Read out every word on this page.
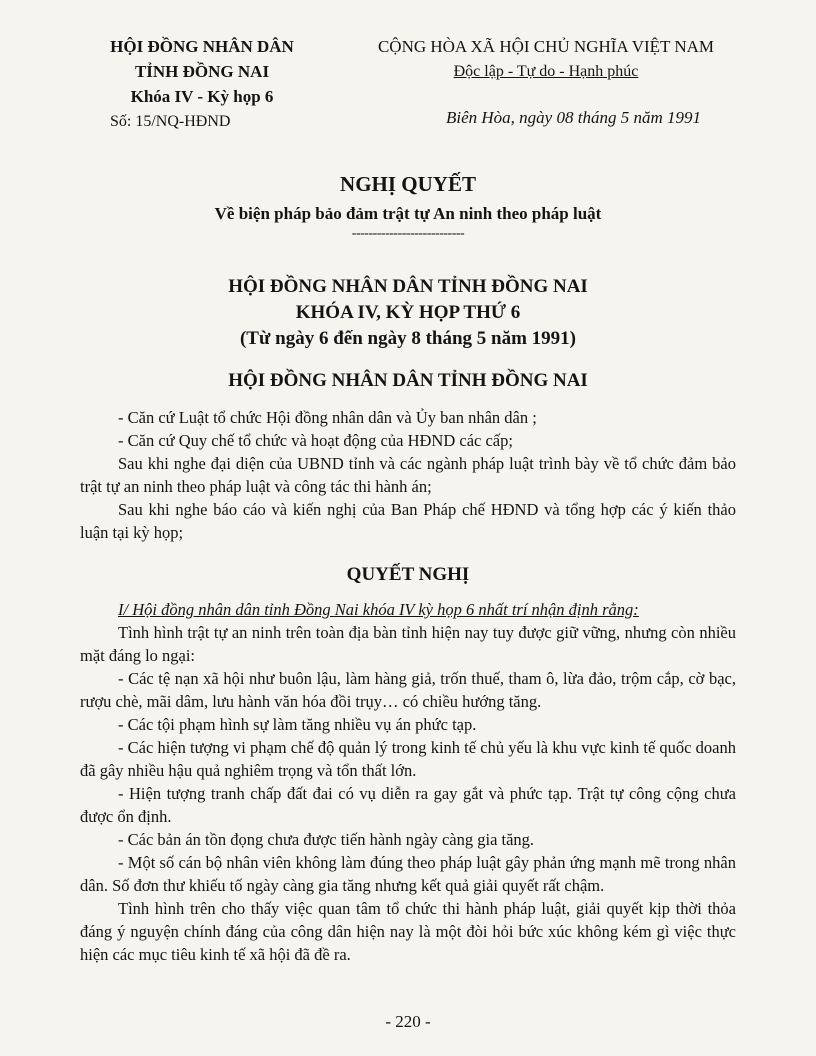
HỘI ĐỒNG NHÂN DÂN
TỈNH ĐỒNG NAI
Khóa IV - Kỳ họp 6
Số: 15/NQ-HĐND
CỘNG HÒA XÃ HỘI CHỦ NGHĨA VIỆT NAM
Độc lập - Tự do - Hạnh phúc
Biên Hòa, ngày 08 tháng 5 năm 1991
NGHỊ QUYẾT
Về biện pháp bảo đảm trật tự An ninh theo pháp luật
---------------------------
HỘI ĐỒNG NHÂN DÂN TỈNH ĐỒNG NAI
KHÓA IV, KỲ HỌP THỨ 6
(Từ ngày 6 đến ngày 8 tháng 5 năm 1991)
HỘI ĐỒNG NHÂN DÂN TỈNH ĐỒNG NAI

- Căn cứ Luật tổ chức Hội đồng nhân dân và Ủy ban nhân dân ;

- Căn cứ Quy chế tổ chức và hoạt động của HĐND các cấp;

Sau khi nghe đại diện của UBND tỉnh và các ngành pháp luật trình bày về tổ chức đảm bảo trật tự an ninh theo pháp luật và công tác thi hành án;

Sau khi nghe báo cáo và kiến nghị của Ban Pháp chế HĐND và tổng hợp các ý kiến thảo luận tại kỳ họp;

QUYẾT NGHỊ

I/ Hội đồng nhân dân tỉnh Đồng Nai khóa IV kỳ họp 6 nhất trí nhận định rằng:

Tình hình trật tự an ninh trên toàn địa bàn tỉnh hiện nay tuy được giữ vững, nhưng còn nhiều mặt đáng lo ngại:

- Các tệ nạn xã hội như buôn lậu, làm hàng giả, trốn thuế, tham ô, lừa đảo, trộm cắp, cờ bạc, rượu chè, mãi dâm, lưu hành văn hóa đồi trụy… có chiều hướng tăng.

- Các tội phạm hình sự làm tăng nhiều vụ án phức tạp.

- Các hiện tượng vi phạm chế độ quản lý trong kinh tế chủ yếu là khu vực kinh tế quốc doanh đã gây nhiều hậu quả nghiêm trọng và tổn thất lớn.

- Hiện tượng tranh chấp đất đai có vụ diễn ra gay gắt và phức tạp. Trật tự công cộng chưa được ổn định.

- Các bản án tồn đọng chưa được tiến hành ngày càng gia tăng.

- Một số cán bộ nhân viên không làm đúng theo pháp luật gây phản ứng mạnh mẽ trong nhân dân. Số đơn thư khiếu tố ngày càng gia tăng nhưng kết quả giải quyết rất chậm.

Tình hình trên cho thấy việc quan tâm tổ chức thi hành pháp luật, giải quyết kịp thời thỏa đáng ý nguyện chính đáng của công dân hiện nay là một đòi hỏi bức xúc không kém gì việc thực hiện các mục tiêu kinh tế xã hội đã đề ra.

- 220 -
